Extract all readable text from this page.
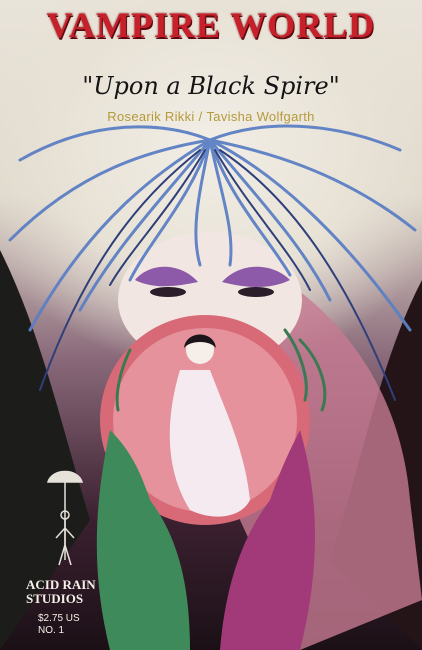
VAMPIRE WORLD
"Upon a Black Spire"
Rosearik Rikki / Tavisha Wolfgarth
ACID RAIN
STUDIOS
$2.75 US
NO. 1
